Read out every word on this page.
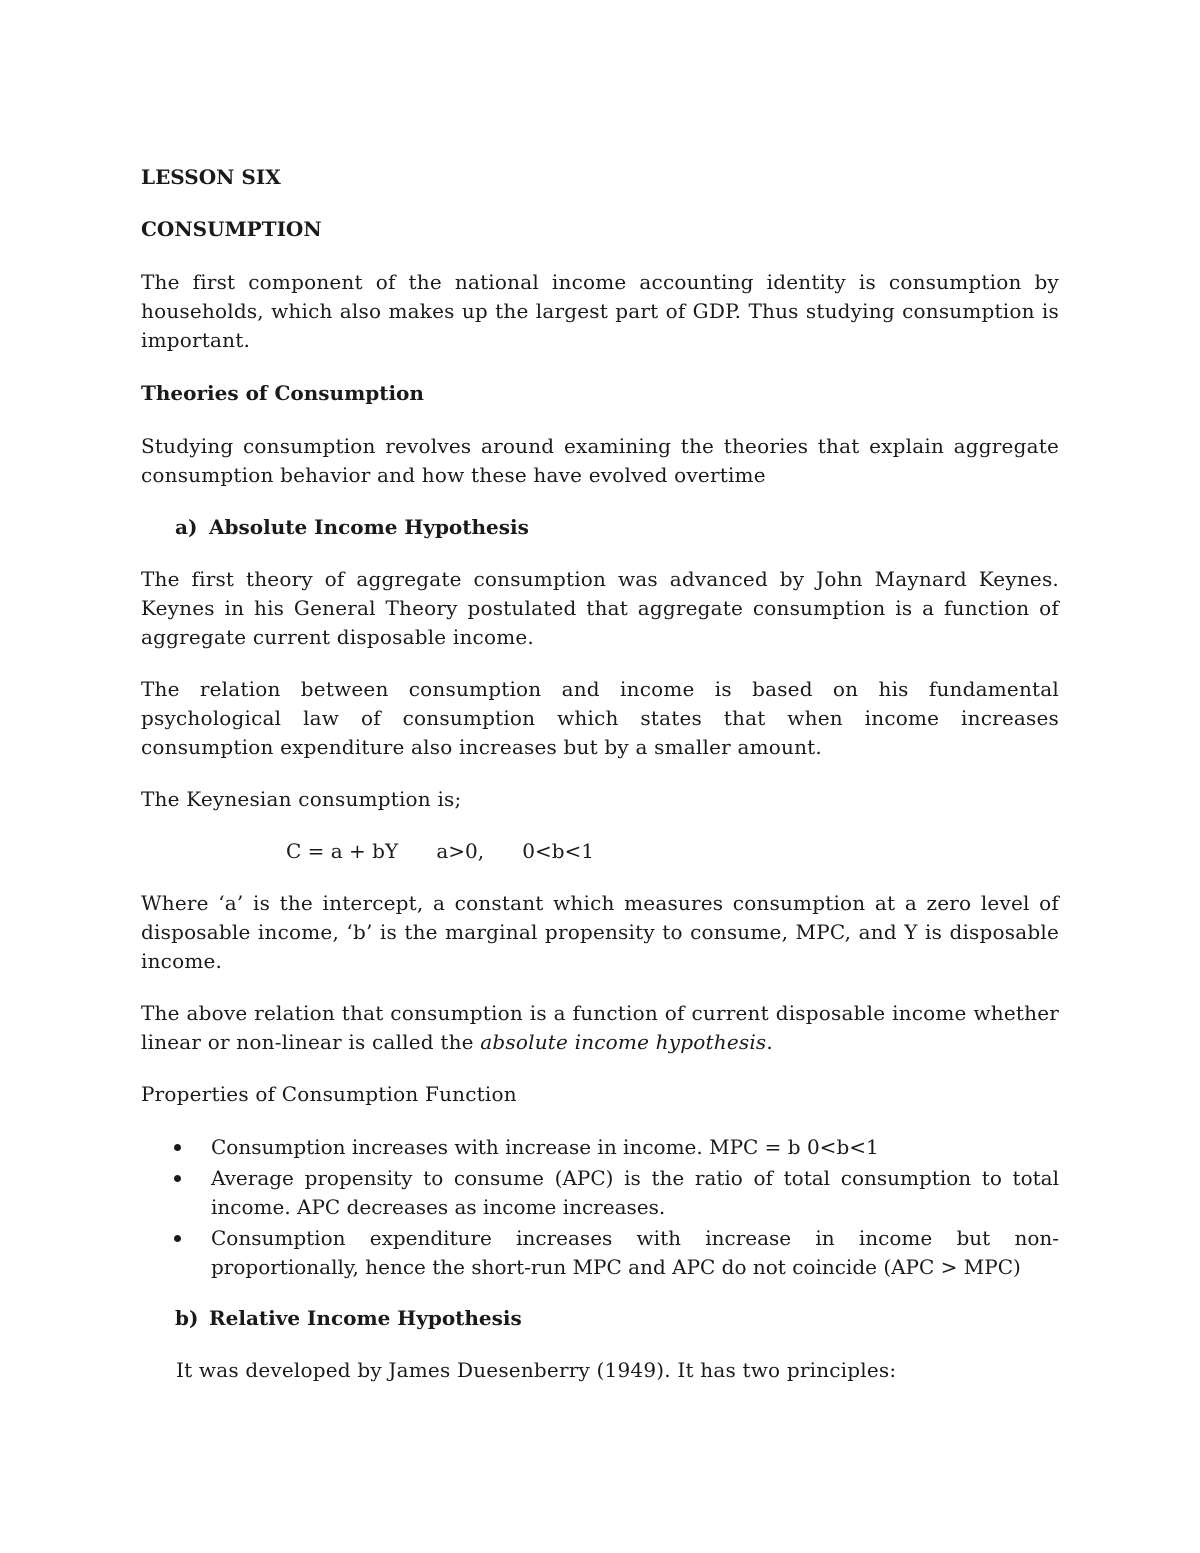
LESSON SIX

CONSUMPTION

The first component of the national income accounting identity is consumption by households, which also makes up the largest part of GDP. Thus studying consumption is important.

Theories of Consumption

Studying consumption revolves around examining the theories that explain aggregate consumption behavior and how these have evolved overtime

a) Absolute Income Hypothesis

The first theory of aggregate consumption was advanced by John Maynard Keynes. Keynes in his General Theory postulated that aggregate consumption is a function of aggregate current disposable income.

The relation between consumption and income is based on his fundamental psychological law of consumption which states that when income increases consumption expenditure also increases but by a smaller amount.

The Keynesian consumption is;

C = a + bY      a>0,      0<b<1

Where ‘a’ is the intercept, a constant which measures consumption at a zero level of disposable income, ‘b’ is the marginal propensity to consume, MPC, and Y is disposable income.

The above relation that consumption is a function of current disposable income whether linear or non-linear is called the absolute income hypothesis.

Properties of Consumption Function

Consumption increases with increase in income. MPC = b 0<b<1
Average propensity to consume (APC) is the ratio of total consumption to total income. APC decreases as income increases.
Consumption expenditure increases with increase in income but non-proportionally, hence the short-run MPC and APC do not coincide (APC > MPC)
b) Relative Income Hypothesis

It was developed by James Duesenberry (1949). It has two principles:
